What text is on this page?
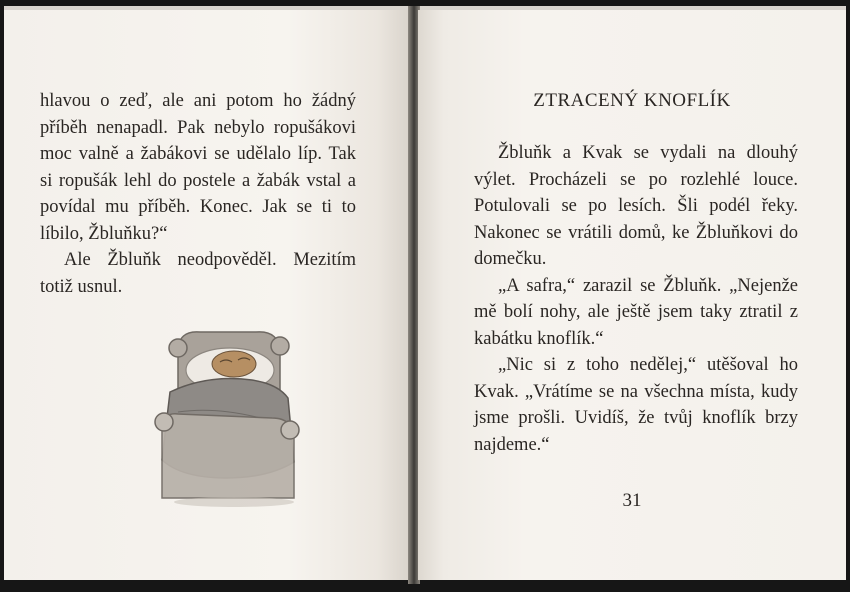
hlavou o zeď, ale ani potom ho žádný příběh nenapadl. Pak nebylo ropušákovi moc valně a žabákovi se udělalo líp. Tak si ropušák lehl do postele a žabák vstal a povídal mu příběh. Konec. Jak se ti to líbilo, Žbluňku?“

Ale Žbluňk neodpověděl. Mezitím totiž usnul.

ZTRACENÝ KNOFLÍK

Žbluňk a Kvak se vydali na dlouhý výlet. Procházeli se po rozlehlé louce. Potulovali se po lesích. Šli podél řeky. Nakonec se vrátili domů, ke Žbluňkovi do domečku.

„A safra,“ zarazil se Žbluňk. „Nejenže mě bolí nohy, ale ještě jsem taky ztratil z kabátku knoflík.“

„Nic si z toho nedělej,“ utěšoval ho Kvak. „Vrátíme se na všechna místa, kudy jsme prošli. Uvidíš, že tvůj knoflík brzy najdeme.“

31
